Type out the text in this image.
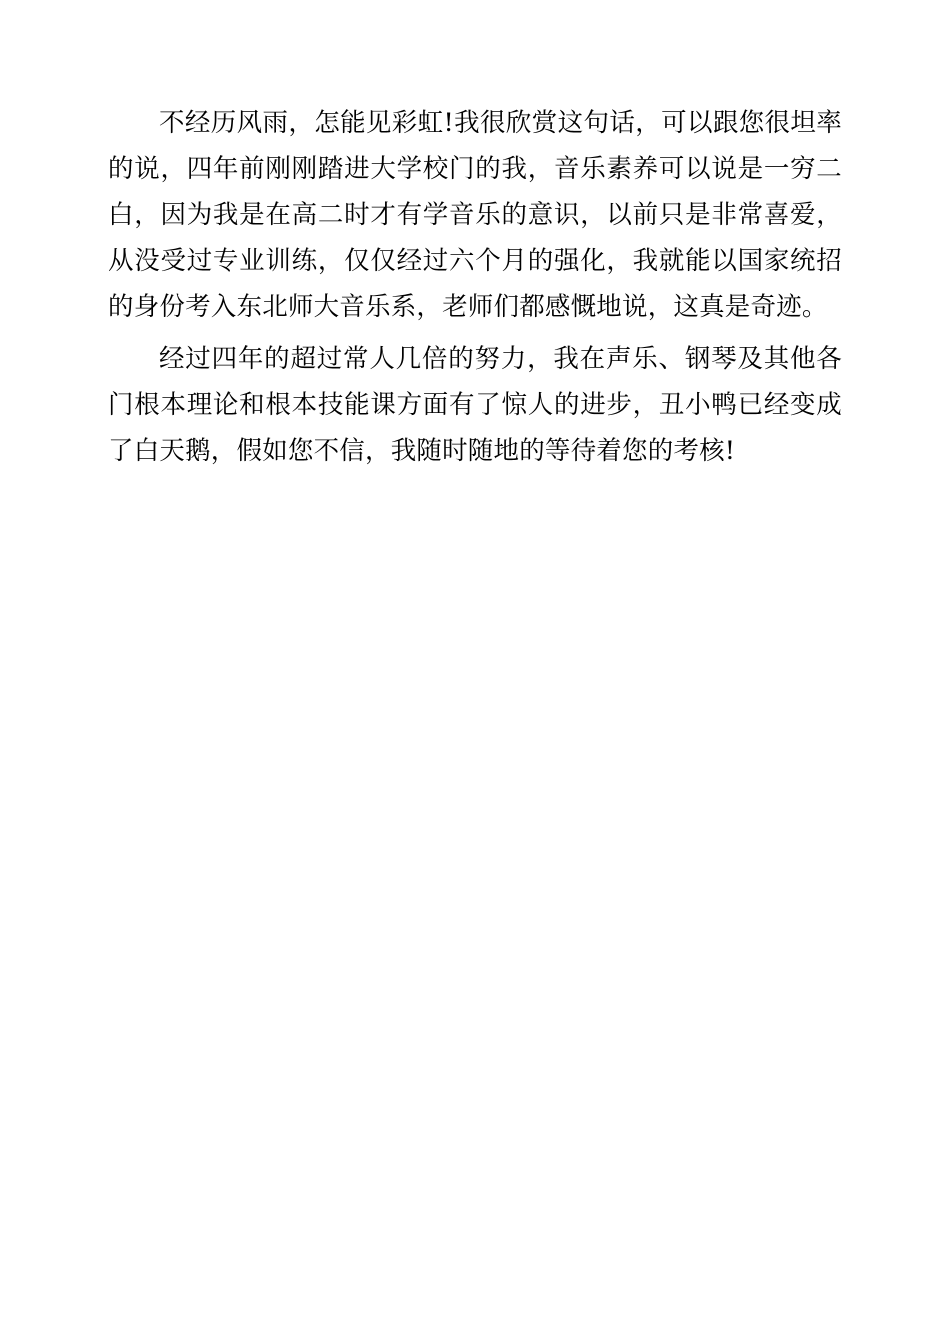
不经历风雨，怎能见彩虹!我很欣赏这句话，可以跟您很坦率的说，四年前刚刚踏进大学校门的我，音乐素养可以说是一穷二白，因为我是在高二时才有学音乐的意识，以前只是非常喜爱，从没受过专业训练，仅仅经过六个月的强化，我就能以国家统招的身份考入东北师大音乐系，老师们都感慨地说，这真是奇迹。

经过四年的超过常人几倍的努力，我在声乐、钢琴及其他各门根本理论和根本技能课方面有了惊人的进步，丑小鸭已经变成了白天鹅，假如您不信，我随时随地的等待着您的考核!
